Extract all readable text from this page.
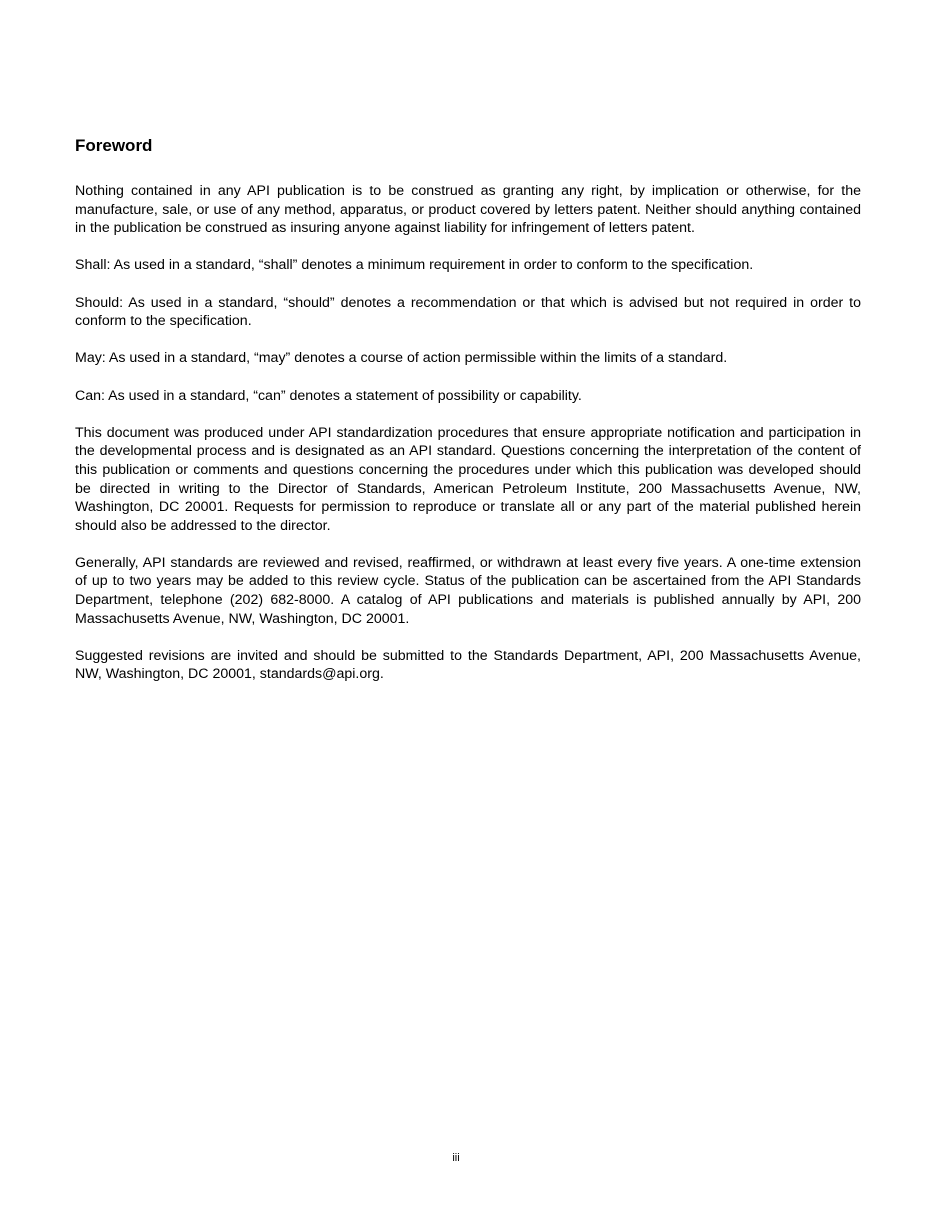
Foreword

Nothing contained in any API publication is to be construed as granting any right, by implication or otherwise, for the manufacture, sale, or use of any method, apparatus, or product covered by letters patent. Neither should anything contained in the publication be construed as insuring anyone against liability for infringement of letters patent.

Shall: As used in a standard, “shall” denotes a minimum requirement in order to conform to the specification.

Should: As used in a standard, “should” denotes a recommendation or that which is advised but not required in order to conform to the specification.

May: As used in a standard, “may” denotes a course of action permissible within the limits of a standard.

Can: As used in a standard, “can” denotes a statement of possibility or capability.

This document was produced under API standardization procedures that ensure appropriate notification and participation in the developmental process and is designated as an API standard. Questions concerning the interpretation of the content of this publication or comments and questions concerning the procedures under which this publication was developed should be directed in writing to the Director of Standards, American Petroleum Institute, 200 Massachusetts Avenue, NW, Washington, DC 20001. Requests for permission to reproduce or translate all or any part of the material published herein should also be addressed to the director.

Generally, API standards are reviewed and revised, reaffirmed, or withdrawn at least every five years. A one-time extension of up to two years may be added to this review cycle. Status of the publication can be ascertained from the API Standards Department, telephone (202) 682-8000. A catalog of API publications and materials is published annually by API, 200 Massachusetts Avenue, NW, Washington, DC 20001.

Suggested revisions are invited and should be submitted to the Standards Department, API, 200 Massachusetts Avenue, NW, Washington, DC 20001, standards@api.org.

iii
